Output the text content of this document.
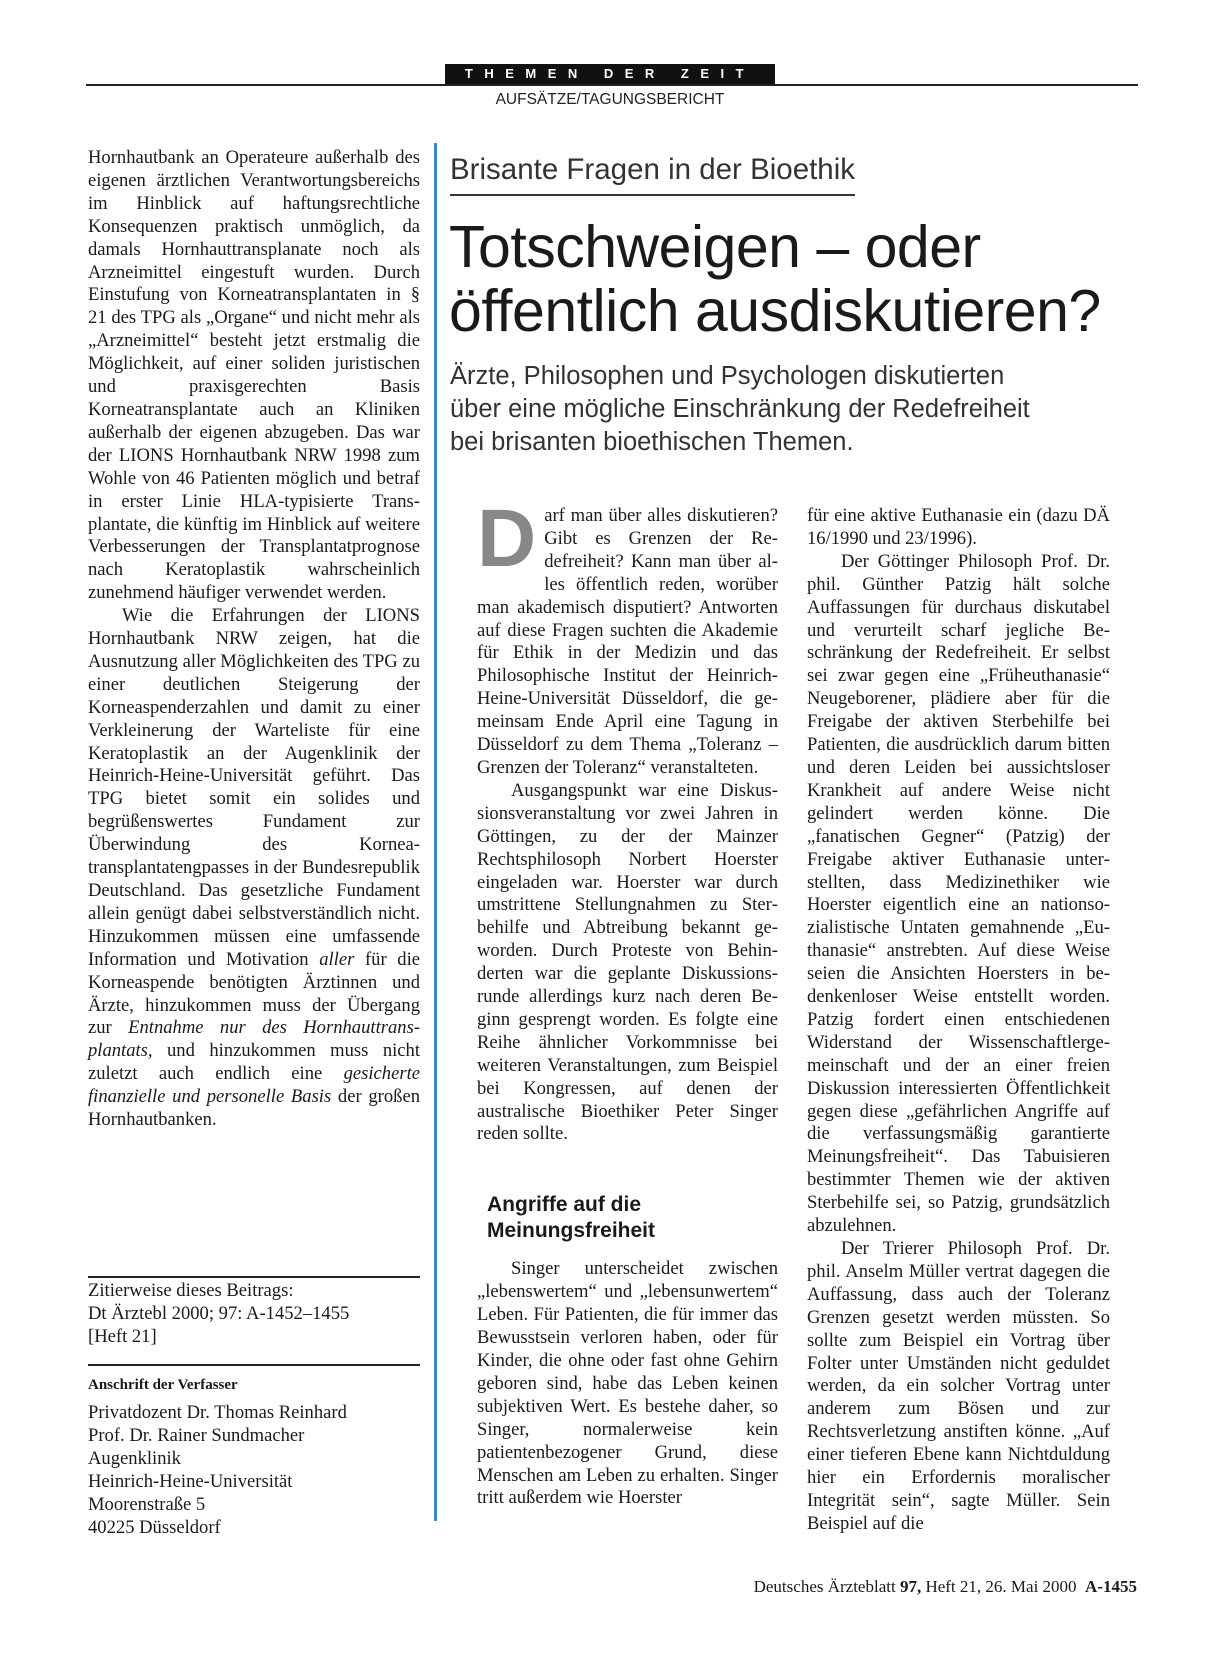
THEMEN DER ZEIT
AUFSÄTZE/TAGUNGSBERICHT

Hornhautbank an Operateure außerhalb des eigenen ärztlichen Verantwortungsbereichs im Hinblick auf haftungsrechtliche Konsequenzen praktisch unmöglich, da damals Hornhauttransplanate noch als Arzneimittel eingestuft wurden. Durch Einstufung von Korneatransplantaten in § 21 des TPG als „Organe“ und nicht mehr als „Arzneimittel“ besteht jetzt erstmalig die Möglichkeit, auf einer soliden juristischen und praxisgerechten Basis Korneatransplantate auch an Kliniken außerhalb der eigenen abzugeben. Das war der LIONS Hornhautbank NRW 1998 zum Wohle von 46 Patienten möglich und betraf in erster Linie HLA-typisierte Transplantate, die künftig im Hinblick auf weitere Verbesserungen der Transplantatprognose nach Keratoplastik wahrscheinlich zunehmend häufiger verwendet werden.

Wie die Erfahrungen der LIONS Hornhautbank NRW zeigen, hat die Ausnutzung aller Möglichkeiten des TPG zu einer deutlichen Steigerung der Korneaspenderzahlen und damit zu einer Verkleinerung der Warteliste für eine Keratoplastik an der Augenklinik der Heinrich-Heine-Universität geführt. Das TPG bietet somit ein solides und begrüßenswertes Fundament zur Überwindung des Korneatransplantatengpasses in der Bundesrepublik Deutschland. Das gesetzliche Fundament allein genügt dabei selbstverständlich nicht. Hinzukommen müssen eine umfassende Information und Motivation aller für die Korneaspende benötigten Ärztinnen und Ärzte, hinzukommen muss der Übergang zur Entnahme nur des Hornhauttransplantats, und hinzukommen muss nicht zuletzt auch endlich eine gesicherte finanzielle und personelle Basis der großen Hornhautbanken.

Zitierweise dieses Beitrags:
Dt Ärztebl 2000; 97: A-1452–1455
[Heft 21]
Anschrift der Verfasser
Privatdozent Dr. Thomas Reinhard
Prof. Dr. Rainer Sundmacher
Augenklinik
Heinrich-Heine-Universität
Moorenstraße 5
40225 Düsseldorf
Brisante Fragen in der Bioethik
Totschweigen – oder
öffentlich ausdiskutieren?

Ärzte, Philosophen und Psychologen diskutierten
über eine mögliche Einschränkung der Redefreiheit
bei brisanten bioethischen Themen.

Darf man über alles diskutieren? Gibt es Grenzen der Redefreiheit? Kann man über alles öffentlich reden, worüber man akademisch disputiert? Antworten auf diese Fragen suchten die Akademie für Ethik in der Medizin und das Philosophische Institut der Heinrich-Heine-Universität Düsseldorf, die gemeinsam Ende April eine Tagung in Düsseldorf zu dem Thema „Toleranz – Grenzen der Toleranz“ veranstalteten.

Ausgangspunkt war eine Diskussionsveranstaltung vor zwei Jahren in Göttingen, zu der der Mainzer Rechtsphilosoph Norbert Hoerster eingeladen war. Hoerster war durch umstrittene Stellungnahmen zu Sterbehilfe und Abtreibung bekannt geworden. Durch Proteste von Behinderten war die geplante Diskussionsrunde allerdings kurz nach deren Beginn gesprengt worden. Es folgte eine Reihe ähnlicher Vorkommnisse bei weiteren Veranstaltungen, zum Beispiel bei Kongressen, auf denen der australische Bioethiker Peter Singer reden sollte.

Angriffe auf die
Meinungsfreiheit

Singer unterscheidet zwischen „lebenswertem“ und „lebensunwertem“ Leben. Für Patienten, die für immer das Bewusstsein verloren haben, oder für Kinder, die ohne oder fast ohne Gehirn geboren sind, habe das Leben keinen subjektiven Wert. Es bestehe daher, so Singer, normalerweise kein patientenbezogener Grund, diese Menschen am Leben zu erhalten. Singer tritt außerdem wie Hoerster

für eine aktive Euthanasie ein (dazu DÄ 16/1990 und 23/1996).

Der Göttinger Philosoph Prof. Dr. phil. Günther Patzig hält solche Auffassungen für durchaus diskutabel und verurteilt scharf jegliche Beschränkung der Redefreiheit. Er selbst sei zwar gegen eine „Früheuthanasie“ Neugeborener, plädiere aber für die Freigabe der aktiven Sterbehilfe bei Patienten, die ausdrücklich darum bitten und deren Leiden bei aussichtsloser Krankheit auf andere Weise nicht gelindert werden könne. Die „fanatischen Gegner“ (Patzig) der Freigabe aktiver Euthanasie unterstellten, dass Medizinethiker wie Hoerster eigentlich eine an nationsozialistische Untaten gemahnende „Euthanasie“ anstrebten. Auf diese Weise seien die Ansichten Hoersters in bedenkenloser Weise entstellt worden. Patzig fordert einen entschiedenen Widerstand der Wissenschaftlergemeinschaft und der an einer freien Diskussion interessierten Öffentlichkeit gegen diese „gefährlichen Angriffe auf die verfassungsmäßig garantierte Meinungsfreiheit“. Das Tabuisieren bestimmter Themen wie der aktiven Sterbehilfe sei, so Patzig, grundsätzlich abzulehnen.

Der Trierer Philosoph Prof. Dr. phil. Anselm Müller vertrat dagegen die Auffassung, dass auch der Toleranz Grenzen gesetzt werden müssten. So sollte zum Beispiel ein Vortrag über Folter unter Umständen nicht geduldet werden, da ein solcher Vortrag unter anderem zum Bösen und zur Rechtsverletzung anstiften könne. „Auf einer tieferen Ebene kann Nichtduldung hier ein Erfordernis moralischer Integrität sein“, sagte Müller. Sein Beispiel auf die

Deutsches Ärzteblatt 97, Heft 21, 26. Mai 2000 A-1455
